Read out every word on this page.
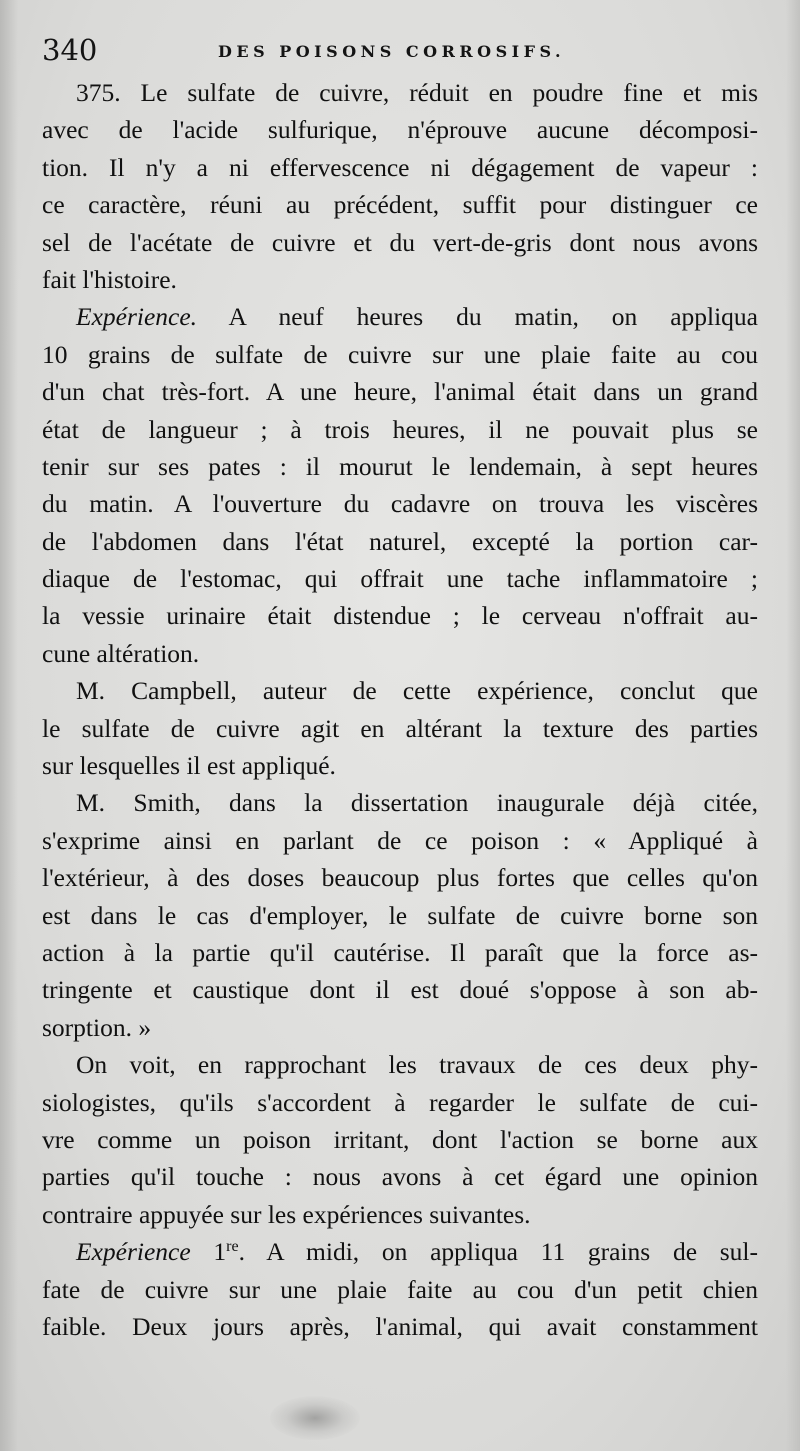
340	DES POISONS CORROSIFS.
375. Le sulfate de cuivre, réduit en poudre fine et mis
avec de l'acide sulfurique, n'éprouve aucune décomposi-
tion. Il n'y a ni effervescence ni dégagement de vapeur :
ce caractère, réuni au précédent, suffit pour distinguer ce
sel de l'acétate de cuivre et du vert-de-gris dont nous avons
fait l'histoire.
Expérience. A neuf heures du matin, on appliqua
10 grains de sulfate de cuivre sur une plaie faite au cou
d'un chat très-fort. A une heure, l'animal était dans un grand
état de langueur ; à trois heures, il ne pouvait plus se
tenir sur ses pates : il mourut le lendemain, à sept heures
du matin. A l'ouverture du cadavre on trouva les viscères
de l'abdomen dans l'état naturel, excepté la portion car-
diaque de l'estomac, qui offrait une tache inflammatoire ;
la vessie urinaire était distendue ; le cerveau n'offrait au-
cune altération.
M. Campbell, auteur de cette expérience, conclut que
le sulfate de cuivre agit en altérant la texture des parties
sur lesquelles il est appliqué.
M. Smith, dans la dissertation inaugurale déjà citée,
s'exprime ainsi en parlant de ce poison : « Appliqué à
l'extérieur, à des doses beaucoup plus fortes que celles qu'on
est dans le cas d'employer, le sulfate de cuivre borne son
action à la partie qu'il cautérise. Il paraît que la force as-
tringente et caustique dont il est doué s'oppose à son ab-
sorption. »
On voit, en rapprochant les travaux de ces deux phy-
siologistes, qu'ils s'accordent à regarder le sulfate de cui-
vre comme un poison irritant, dont l'action se borne aux
parties qu'il touche : nous avons à cet égard une opinion
contraire appuyée sur les expériences suivantes.
Expérience 1re. A midi, on appliqua 11 grains de sul-
fate de cuivre sur une plaie faite au cou d'un petit chien
faible. Deux jours après, l'animal, qui avait constamment
